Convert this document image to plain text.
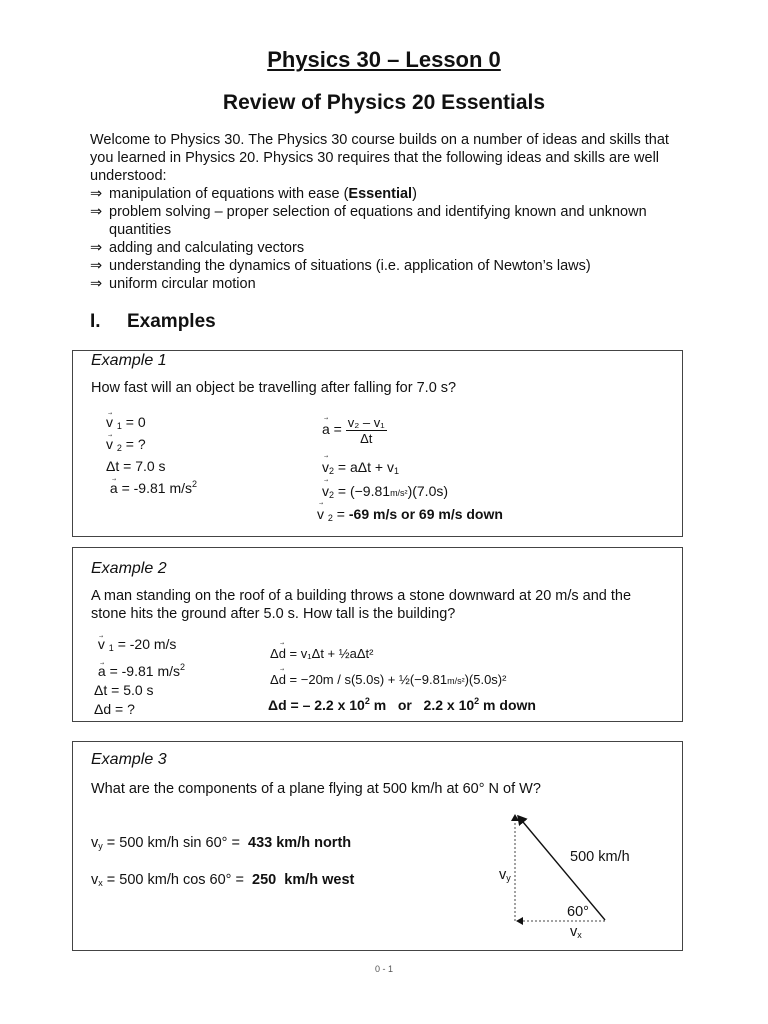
Physics 30 – Lesson 0
Review of Physics 20 Essentials
Welcome to Physics 30. The Physics 30 course builds on a number of ideas and skills that you learned in Physics 20. Physics 30 requires that the following ideas and skills are well understood:
⇒ manipulation of equations with ease (Essential)
⇒ problem solving – proper selection of equations and identifying known and unknown quantities
⇒ adding and calculating vectors
⇒ understanding the dynamics of situations (i.e. application of Newton’s laws)
⇒ uniform circular motion
I. Examples
Example 1
How fast will an object be travelling after falling for 7.0 s?
→ v $_1$ = 0
→ v $_2$ = ?
Δt = 7.0 s
→ a = -9.81 $m/s^2$
→ $a = \frac{\text{v₂ – v₁}}{\Delta t}$
→ $v_2 = a\Delta t + v_1$
→ $v_2 = (-9.81m/s^2)(7.0s)$
→ v $_2$ = -69 m/s or 69 m/s down
Example 2
A man standing on the roof of a building throws a stone downward at 20 m/s and the stone hits the ground after 5.0 s. How tall is the building?
→ v $_1$ = -20 m/s
→ a = -9.81 $m/s^2$
Δt = 5.0 s
Δd = ?
Δ→ d = v₁Δt + ½aΔt²
Δ→ d = −20m / s(5.0s) + ½(−9.81m/s²)(5.0s)²
Δd = – 2.2 x $10^2$ m   or   2.2 x $10^2$ m down
Example 3
What are the components of a plane flying at 500 km/h at 60° N of W?
$v_y = 500$ km/h sin 60° = 433 km/h north
$v_x = 500$ km/h cos 60° = 250  km/h west
500 km/h
$v_y$
60°
$v_x$
0 - 1
